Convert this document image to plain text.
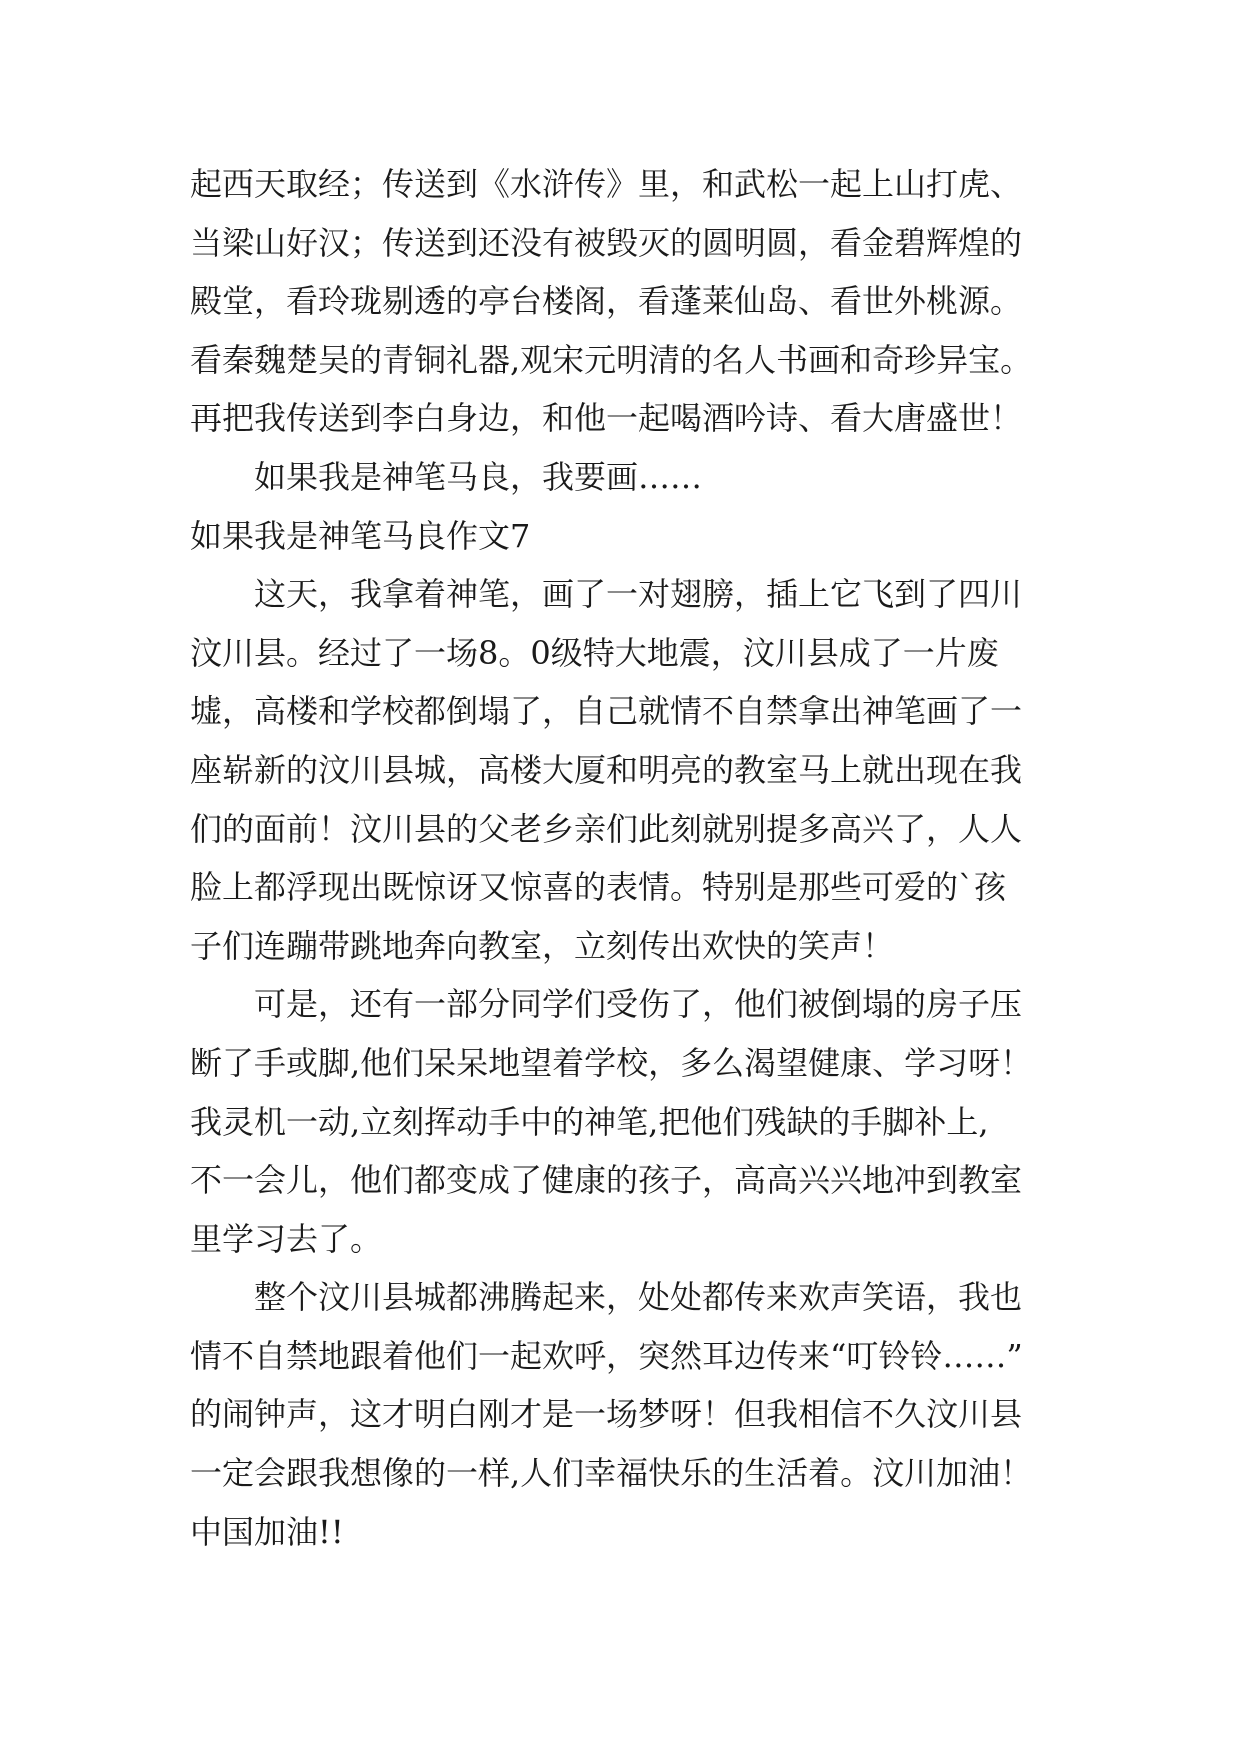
起西天取经；传送到《水浒传》里，和武松一起上山打虎、
当梁山好汉；传送到还没有被毁灭的圆明圆，看金碧辉煌的
殿堂，看玲珑剔透的亭台楼阁，看蓬莱仙岛、看世外桃源。
看秦魏楚吴的青铜礼器,观宋元明清的名人书画和奇珍异宝。
再把我传送到李白身边，和他一起喝酒吟诗、看大唐盛世！
如果我是神笔马良，我要画……
如果我是神笔马良作文7
这天，我拿着神笔，画了一对翅膀，插上它飞到了四川
汶川县。经过了一场8。0级特大地震，汶川县成了一片废
墟，高楼和学校都倒塌了，自己就情不自禁拿出神笔画了一
座崭新的汶川县城，高楼大厦和明亮的教室马上就出现在我
们的面前！汶川县的父老乡亲们此刻就别提多高兴了，人人
脸上都浮现出既惊讶又惊喜的表情。特别是那些可爱的`孩
子们连蹦带跳地奔向教室，立刻传出欢快的笑声！
可是，还有一部分同学们受伤了，他们被倒塌的房子压
断了手或脚,他们呆呆地望着学校，多么渴望健康、学习呀！
我灵机一动,立刻挥动手中的神笔,把他们残缺的手脚补上,
不一会儿，他们都变成了健康的孩子，高高兴兴地冲到教室
里学习去了。
整个汶川县城都沸腾起来，处处都传来欢声笑语，我也
情不自禁地跟着他们一起欢呼，突然耳边传来“叮铃铃……”
的闹钟声，这才明白刚才是一场梦呀！但我相信不久汶川县
一定会跟我想像的一样,人们幸福快乐的生活着。汶川加油！
中国加油!!
